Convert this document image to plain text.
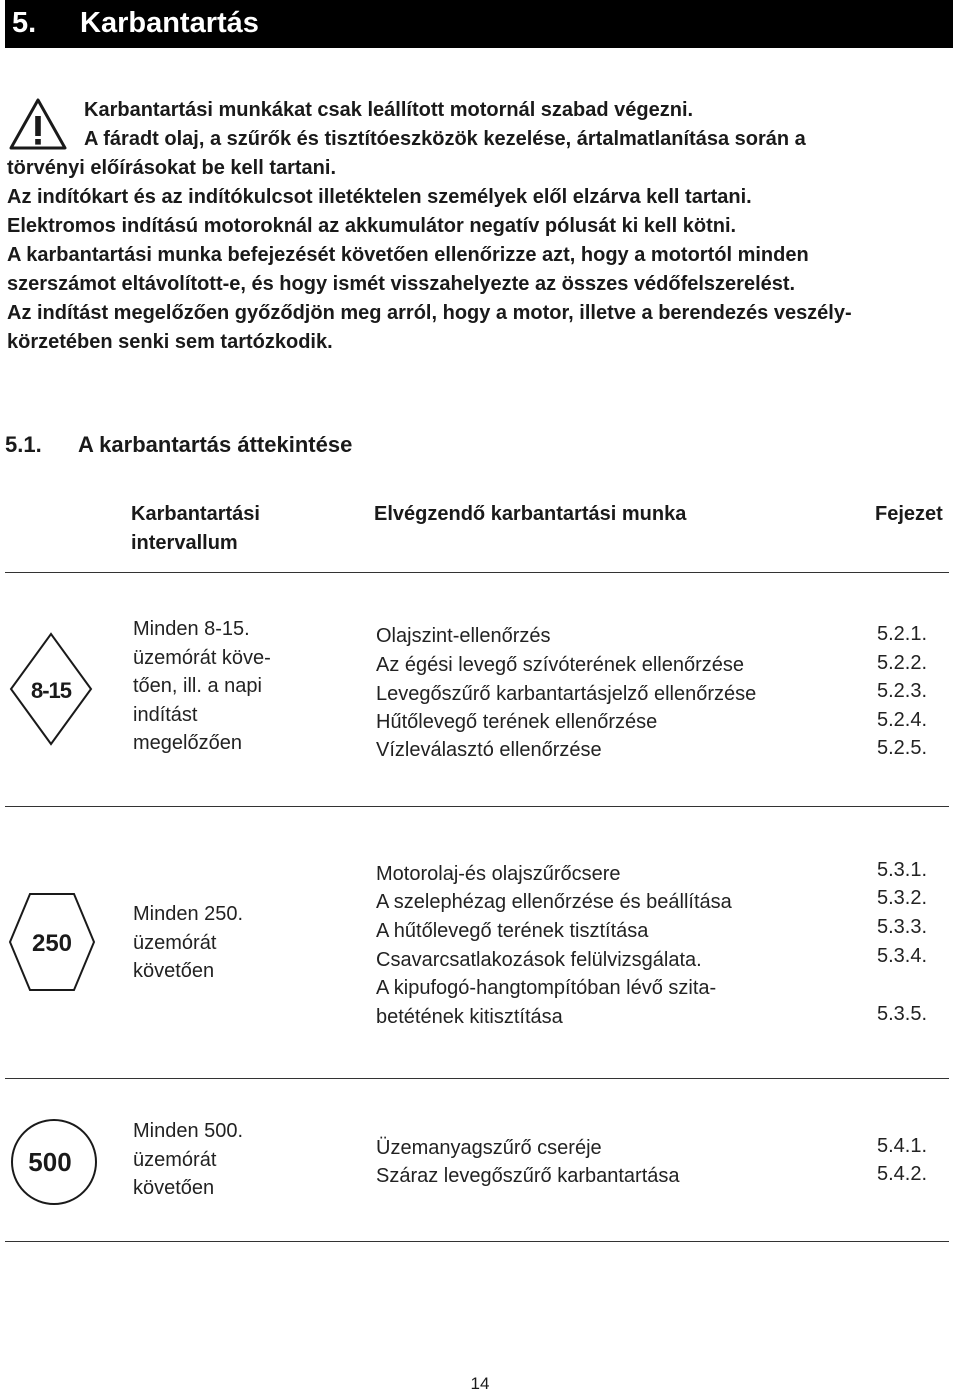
5. Karbantartás
Karbantartási munkákat csak leállított motornál szabad végezni.
A fáradt olaj, a szűrők és tisztítóeszközök kezelése, ártalmatlanítása során a
törvényi előírásokat be kell tartani.
Az indítókart és az indítókulcsot illetéktelen személyek elől elzárva kell tartani.
Elektromos indítású motoroknál az akkumulátor negatív pólusát ki kell kötni.
A karbantartási munka befejezését követően ellenőrizze azt, hogy a motortól minden
szerszámot eltávolított-e, és hogy ismét visszahelyezte az összes védőfelszerelést.
Az indítást megelőzően győződjön meg arról, hogy a motor, illetve a berendezés veszély-
körzetében senki sem tartózkodik.
5.1. A karbantartás áttekintése
Karbantartási
intervallum
Elvégzendő karbantartási munka	Fejezet
8-15
Minden 8-15.
üzemórát köve-
tően, ill. a napi
indítást
megelőzően
Olajszint-ellenőrzés
Az égési levegő szívóterének ellenőrzése
Levegőszűrő karbantartásjelző ellenőrzése
Hűtőlevegő terének ellenőrzése
Vízleválasztó ellenőrzése
5.2.1.
5.2.2.
5.2.3.
5.2.4.
5.2.5.
250
Minden 250.
üzemórát
követően
Motorolaj-és olajszűrőcsere
A szelephézag ellenőrzése és beállítása
A hűtőlevegő terének tisztítása
Csavarcsatlakozások felülvizsgálata.
A kipufogó-hangtompítóban lévő szita-
betétének kitisztítása
5.3.1.
5.3.2.
5.3.3.
5.3.4.
5.3.5.
500
Minden 500.
üzemórát
követően
Üzemanyagszűrő cseréje
Száraz levegőszűrő karbantartása
5.4.1.
5.4.2.
14
